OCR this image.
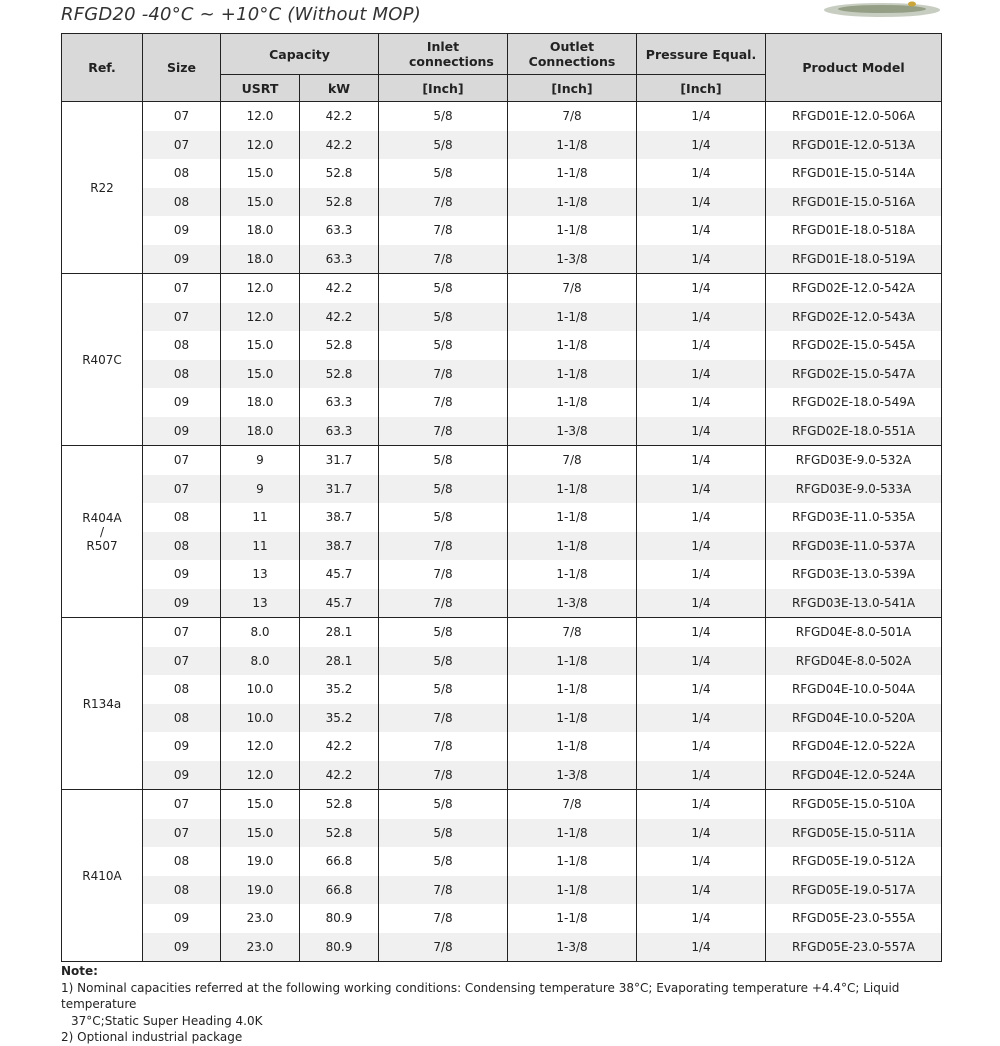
RFGD20 -40°C ~ +10°C (Without MOP)
Ref.	Size	Capacity		Inlet connections	Outlet Connections	Pressure Equal.	Product Model
		USRT	kW	[Inch]	[Inch]	[Inch]	

R22	07	12.0	42.2	5/8	7/8	1/4	RFGD01E-12.0-506A
	07	12.0	42.2	5/8	1-1/8	1/4	RFGD01E-12.0-513A
	08	15.0	52.8	5/8	1-1/8	1/4	RFGD01E-15.0-514A
	08	15.0	52.8	7/8	1-1/8	1/4	RFGD01E-15.0-516A
	09	18.0	63.3	7/8	1-1/8	1/4	RFGD01E-18.0-518A
	09	18.0	63.3	7/8	1-3/8	1/4	RFGD01E-18.0-519A

R407C	07	12.0	42.2	5/8	7/8	1/4	RFGD02E-12.0-542A
	07	12.0	42.2	5/8	1-1/8	1/4	RFGD02E-12.0-543A
	08	15.0	52.8	5/8	1-1/8	1/4	RFGD02E-15.0-545A
	08	15.0	52.8	7/8	1-1/8	1/4	RFGD02E-15.0-547A
	09	18.0	63.3	7/8	1-1/8	1/4	RFGD02E-18.0-549A
	09	18.0	63.3	7/8	1-3/8	1/4	RFGD02E-18.0-551A

R404A
/
R507	07	9	31.7	5/8	7/8	1/4	RFGD03E-9.0-532A
	07	9	31.7	5/8	1-1/8	1/4	RFGD03E-9.0-533A
	08	11	38.7	5/8	1-1/8	1/4	RFGD03E-11.0-535A
	08	11	38.7	7/8	1-1/8	1/4	RFGD03E-11.0-537A
	09	13	45.7	7/8	1-1/8	1/4	RFGD03E-13.0-539A
	09	13	45.7	7/8	1-3/8	1/4	RFGD03E-13.0-541A

R134a	07	8.0	28.1	5/8	7/8	1/4	RFGD04E-8.0-501A
	07	8.0	28.1	5/8	1-1/8	1/4	RFGD04E-8.0-502A
	08	10.0	35.2	5/8	1-1/8	1/4	RFGD04E-10.0-504A
	08	10.0	35.2	7/8	1-1/8	1/4	RFGD04E-10.0-520A
	09	12.0	42.2	7/8	1-1/8	1/4	RFGD04E-12.0-522A
	09	12.0	42.2	7/8	1-3/8	1/4	RFGD04E-12.0-524A

R410A	07	15.0	52.8	5/8	7/8	1/4	RFGD05E-15.0-510A
	07	15.0	52.8	5/8	1-1/8	1/4	RFGD05E-15.0-511A
	08	19.0	66.8	5/8	1-1/8	1/4	RFGD05E-19.0-512A
	08	19.0	66.8	7/8	1-1/8	1/4	RFGD05E-19.0-517A
	09	23.0	80.9	7/8	1-1/8	1/4	RFGD05E-23.0-555A
	09	23.0	80.9	7/8	1-3/8	1/4	RFGD05E-23.0-557A
Note:
1) Nominal capacities referred at the following working conditions: Condensing temperature 38°C; Evaporating temperature +4.4°C; Liquid temperature
37°C;Static Super Heading 4.0K
2) Optional industrial package
